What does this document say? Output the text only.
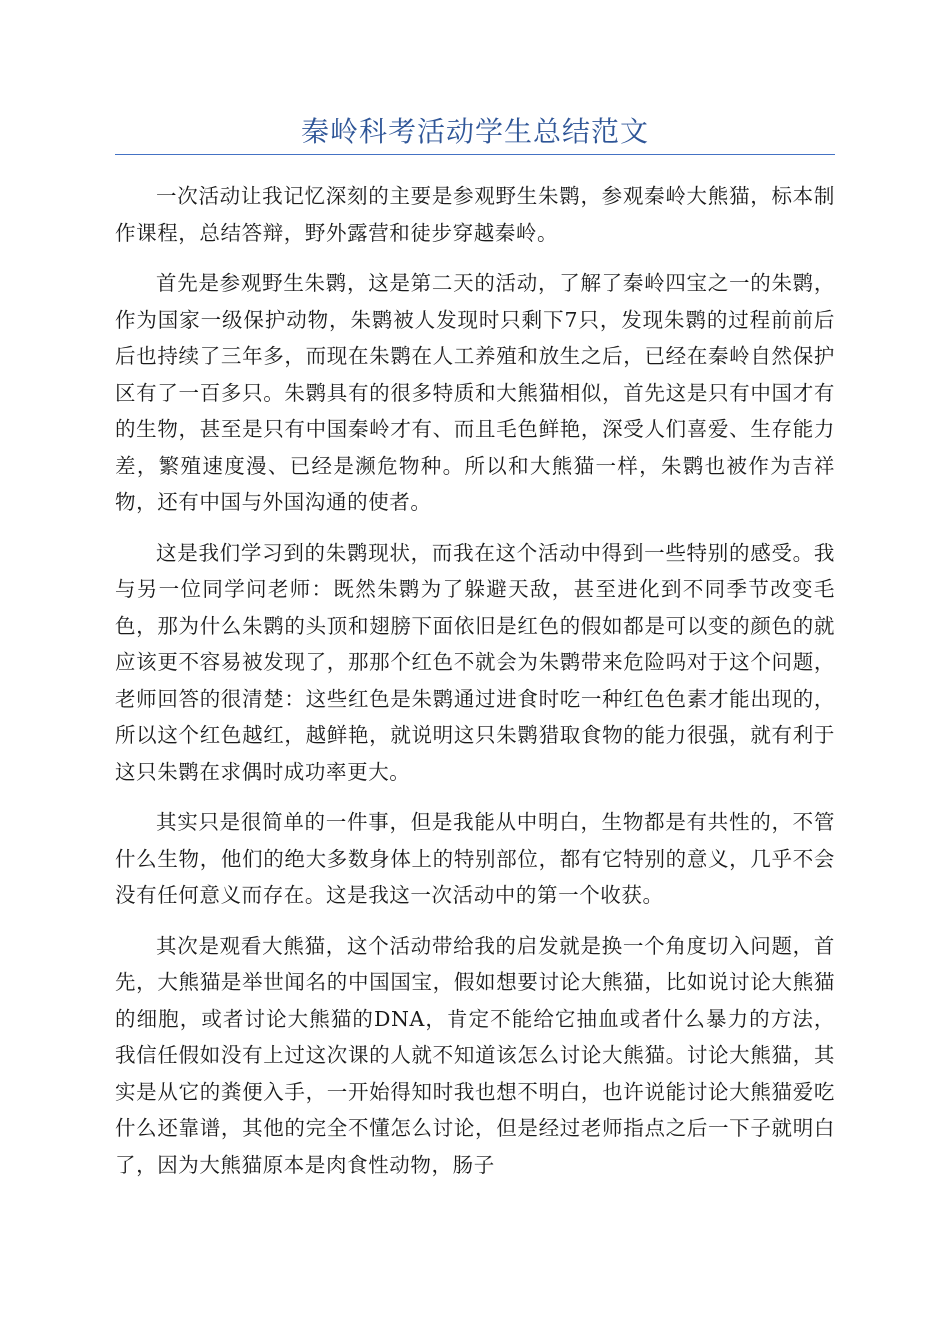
秦岭科考活动学生总结范文

一次活动让我记忆深刻的主要是参观野生朱鹮，参观秦岭大熊猫，标本制作课程，总结答辩，野外露营和徒步穿越秦岭。

首先是参观野生朱鹮，这是第二天的活动，了解了秦岭四宝之一的朱鹮，作为国家一级保护动物，朱鹮被人发现时只剩下7只，发现朱鹮的过程前前后后也持续了三年多，而现在朱鹮在人工养殖和放生之后，已经在秦岭自然保护区有了一百多只。朱鹮具有的很多特质和大熊猫相似，首先这是只有中国才有的生物，甚至是只有中国秦岭才有、而且毛色鲜艳，深受人们喜爱、生存能力差，繁殖速度漫、已经是濒危物种。所以和大熊猫一样，朱鹮也被作为吉祥物，还有中国与外国沟通的使者。

这是我们学习到的朱鹮现状，而我在这个活动中得到一些特别的感受。我与另一位同学问老师：既然朱鹮为了躲避天敌，甚至进化到不同季节改变毛色，那为什么朱鹮的头顶和翅膀下面依旧是红色的假如都是可以变的颜色的就应该更不容易被发现了，那那个红色不就会为朱鹮带来危险吗对于这个问题，老师回答的很清楚：这些红色是朱鹮通过进食时吃一种红色色素才能出现的，所以这个红色越红，越鲜艳，就说明这只朱鹮猎取食物的能力很强，就有利于这只朱鹮在求偶时成功率更大。

其实只是很简单的一件事，但是我能从中明白，生物都是有共性的，不管什么生物，他们的绝大多数身体上的特别部位，都有它特别的意义，几乎不会没有任何意义而存在。这是我这一次活动中的第一个收获。

其次是观看大熊猫，这个活动带给我的启发就是换一个角度切入问题，首先，大熊猫是举世闻名的中国国宝，假如想要讨论大熊猫，比如说讨论大熊猫的细胞，或者讨论大熊猫的DNA，肯定不能给它抽血或者什么暴力的方法，我信任假如没有上过这次课的人就不知道该怎么讨论大熊猫。讨论大熊猫，其实是从它的粪便入手，一开始得知时我也想不明白，也许说能讨论大熊猫爱吃什么还靠谱，其他的完全不懂怎么讨论，但是经过老师指点之后一下子就明白了，因为大熊猫原本是肉食性动物，肠子
